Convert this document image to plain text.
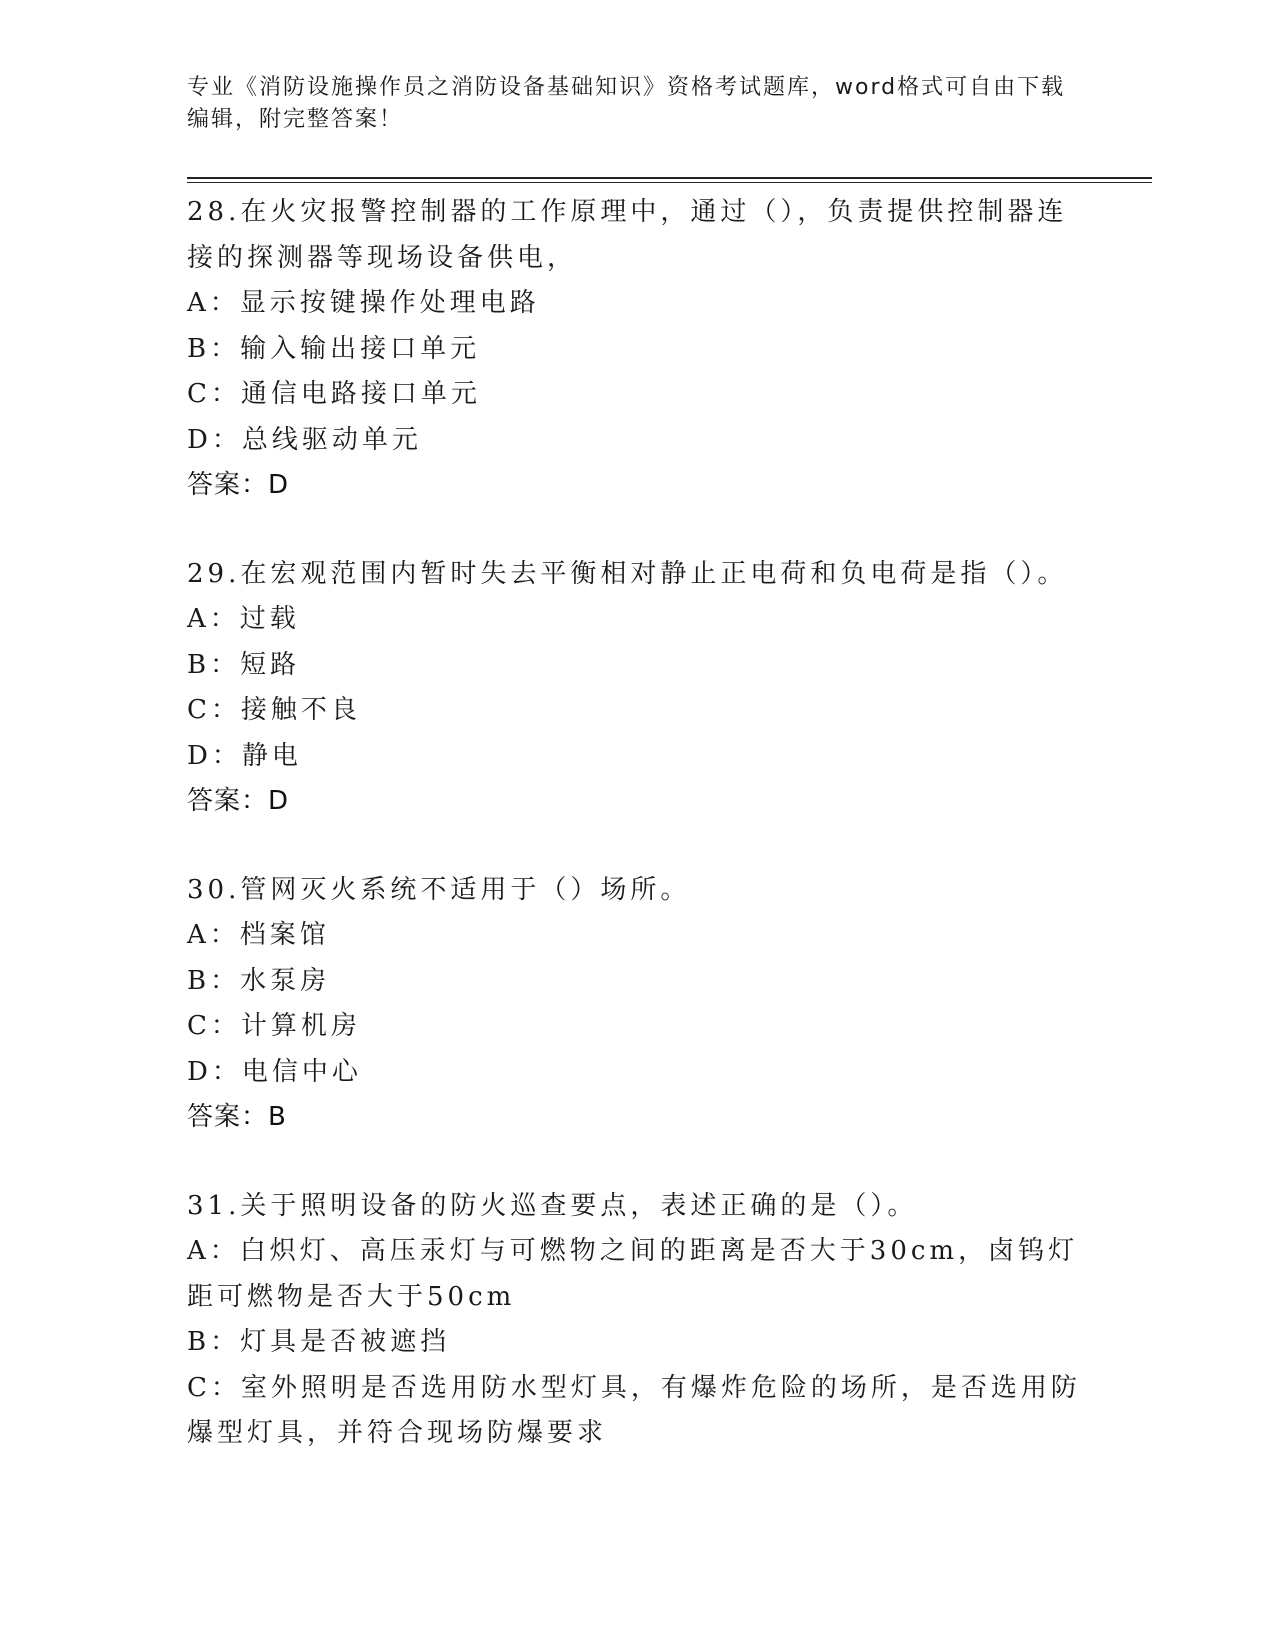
专业《消防设施操作员之消防设备基础知识》资格考试题库，word格式可自由下载编辑，附完整答案！

28.在火灾报警控制器的工作原理中，通过（），负责提供控制器连接的探测器等现场设备供电，

A：显示按键操作处理电路

B：输入输出接口单元

C：通信电路接口单元

D：总线驱动单元

答案：D

29.在宏观范围内暂时失去平衡相对静止正电荷和负电荷是指（）。

A：过载

B：短路

C：接触不良

D：静电

答案：D

30.管网灭火系统不适用于（）场所。

A：档案馆

B：水泵房

C：计算机房

D：电信中心

答案：B

31.关于照明设备的防火巡查要点，表述正确的是（）。

A：白炽灯、高压汞灯与可燃物之间的距离是否大于30cm，卤钨灯距可燃物是否大于50cm

B：灯具是否被遮挡

C：室外照明是否选用防水型灯具，有爆炸危险的场所，是否选用防爆型灯具，并符合现场防爆要求
